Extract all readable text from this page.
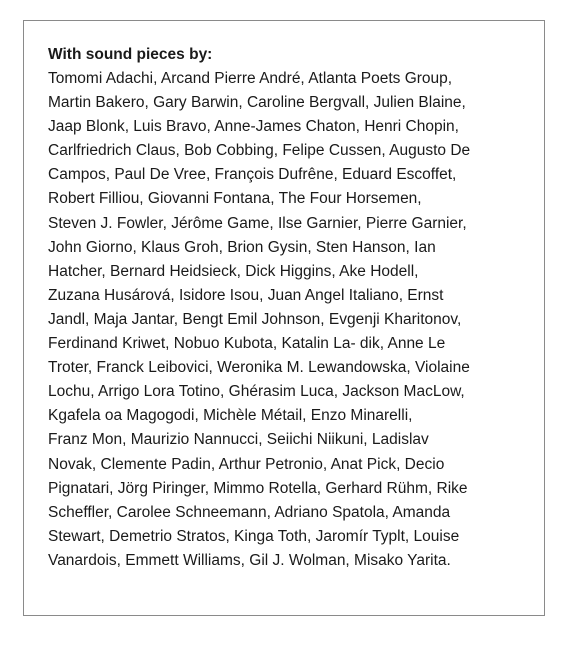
With sound pieces by:

Tomomi Adachi, Arcand Pierre André, Atlanta Poets Group,

Martin Bakero, Gary Barwin, Caroline Bergvall, Julien Blaine,

Jaap Blonk, Luis Bravo, Anne-James Chaton, Henri Chopin,

Carlfriedrich Claus, Bob Cobbing, Felipe Cussen, Augusto De

Campos, Paul De Vree, François Dufrêne, Eduard Escoffet,

Robert Filliou, Giovanni Fontana, The Four Horsemen,

Steven J. Fowler, Jérôme Game, Ilse Garnier, Pierre Garnier,

John Giorno, Klaus Groh, Brion Gysin, Sten Hanson, Ian

Hatcher, Bernard Heidsieck, Dick Higgins, Ake Hodell,

Zuzana Husárová, Isidore Isou, Juan Angel Italiano, Ernst

Jandl, Maja Jantar, Bengt Emil Johnson, Evgenji Kharitonov,

Ferdinand Kriwet, Nobuo Kubota, Katalin La- dik, Anne Le

Troter, Franck Leibovici, Weronika M. Lewandowska, Violaine

Lochu, Arrigo Lora Totino, Ghérasim Luca, Jackson MacLow,

Kgafela oa Magogodi, Michèle Métail, Enzo Minarelli,

Franz Mon, Maurizio Nannucci, Seiichi Niikuni, Ladislav

Novak, Clemente Padin, Arthur Petronio, Anat Pick, Decio

Pignatari, Jörg Piringer, Mimmo Rotella, Gerhard Rühm, Rike

Scheffler, Carolee Schneemann, Adriano Spatola, Amanda

Stewart, Demetrio Stratos, Kinga Toth, Jaromír Typlt, Louise

Vanardois, Emmett Williams, Gil J. Wolman, Misako Yarita.
